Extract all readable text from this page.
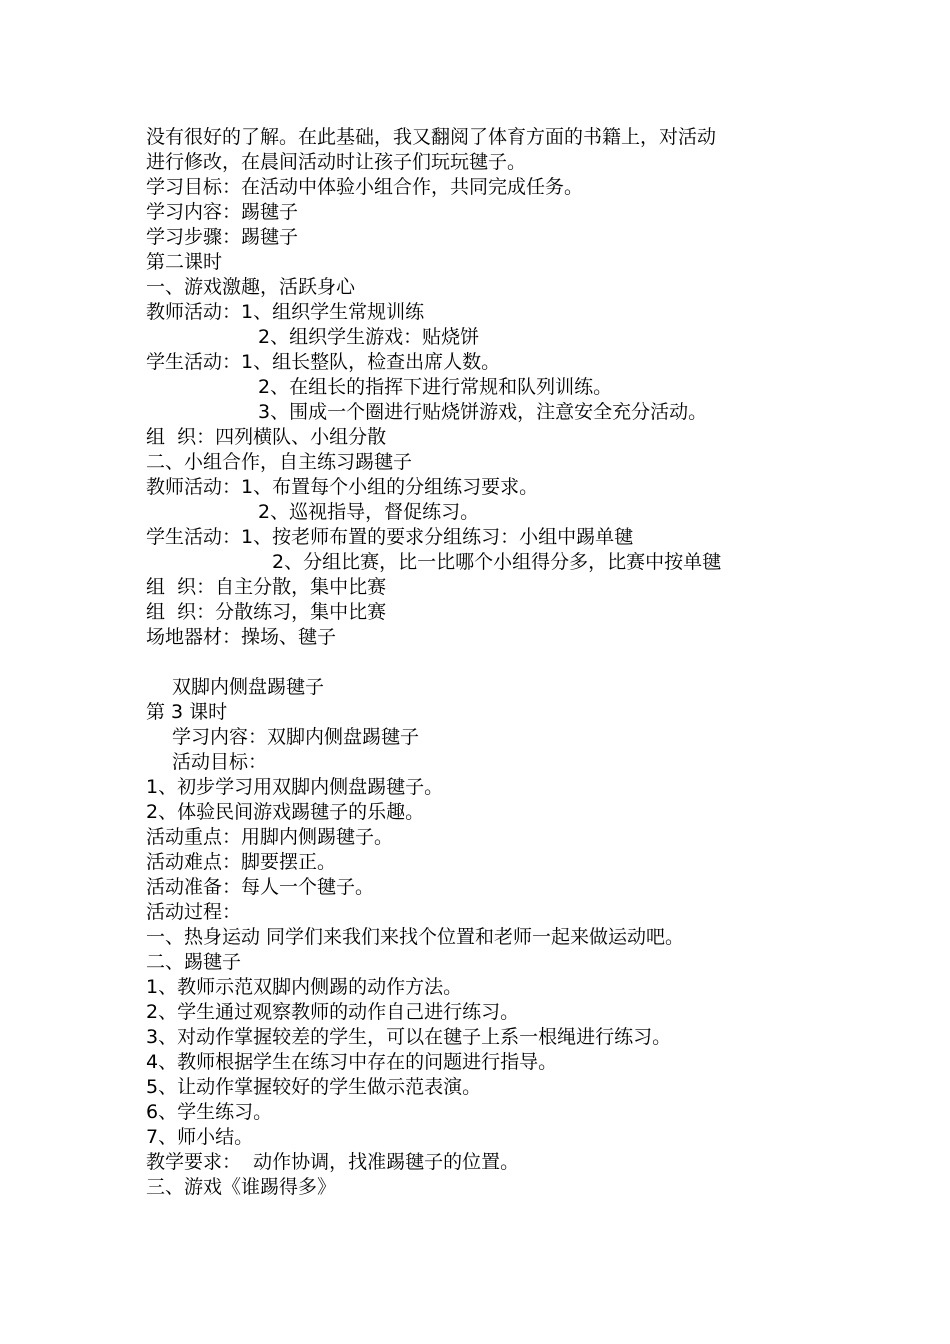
没有很好的了解。在此基础，我又翻阅了体育方面的书籍上，对活动
进行修改，在晨间活动时让孩子们玩玩毽子。
学习目标：在活动中体验小组合作，共同完成任务。
学习内容：踢毽子
学习步骤：踢毽子
第二课时
一、游戏激趣，活跃身心
教师活动：1、组织学生常规训练
2、组织学生游戏：贴烧饼
学生活动：1、组长整队，检查出席人数。
2、在组长的指挥下进行常规和队列训练。
3、围成一个圈进行贴烧饼游戏，注意安全充分活动。
组  织：四列横队、小组分散
二、小组合作，自主练习踢毽子
教师活动：1、布置每个小组的分组练习要求。
2、巡视指导，督促练习。
学生活动：1、按老师布置的要求分组练习：小组中踢单毽
2、分组比赛，比一比哪个小组得分多，比赛中按单毽
组  织：自主分散，集中比赛
组  织：分散练习，集中比赛
场地器材：操场、毽子
双脚内侧盘踢毽子
第 3 课时
学习内容：双脚内侧盘踢毽子
活动目标：
1、初步学习用双脚内侧盘踢毽子。
2、体验民间游戏踢毽子的乐趣。
活动重点：用脚内侧踢毽子。
活动难点：脚要摆正。
活动准备：每人一个毽子。
活动过程：
一、热身运动 同学们来我们来找个位置和老师一起来做运动吧。
二、踢毽子
1、教师示范双脚内侧踢的动作方法。
2、学生通过观察教师的动作自己进行练习。
3、对动作掌握较差的学生，可以在毽子上系一根绳进行练习。
4、教师根据学生在练习中存在的问题进行指导。
5、让动作掌握较好的学生做示范表演。
6、学生练习。
7、师小结。
教学要求：  动作协调，找准踢毽子的位置。
三、游戏《谁踢得多》
